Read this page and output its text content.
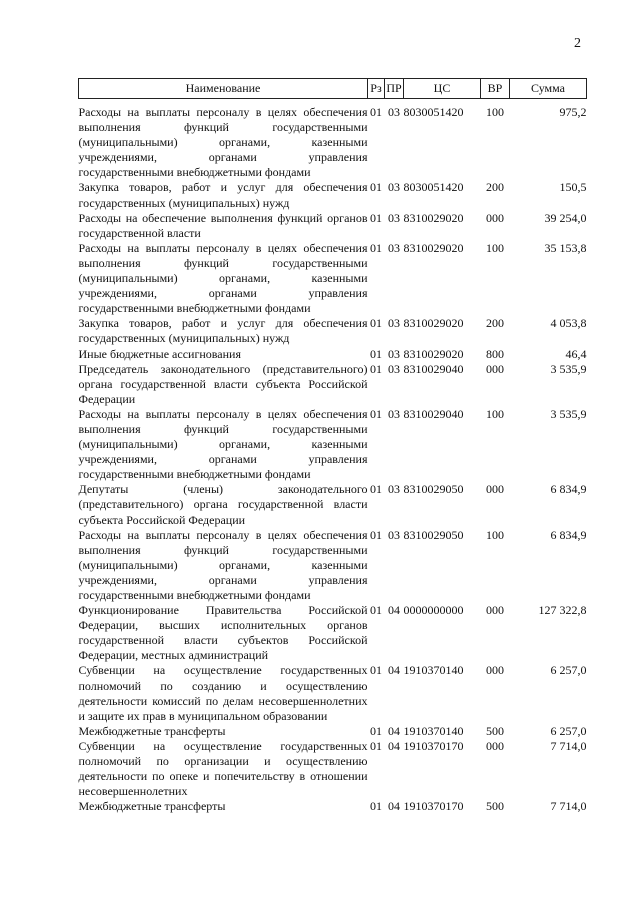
2
Наименование	Рз	ПР	ЦС	ВР	Сумма

Расходы на выплаты персоналу в целях обеспечения выполнения функций государственными (муниципальными) органами, казенными учреждениями, органами управления государственными внебюджетными фондами	01	03	8030051420	100	975,2
Закупка товаров, работ и услуг для обеспечения государственных (муниципальных) нужд	01	03	8030051420	200	150,5
Расходы на обеспечение выполнения функций органов государственной власти	01	03	8310029020	000	39 254,0
Расходы на выплаты персоналу в целях обеспечения выполнения функций государственными (муниципальными) органами, казенными учреждениями, органами управления государственными внебюджетными фондами	01	03	8310029020	100	35 153,8
Закупка товаров, работ и услуг для обеспечения государственных (муниципальных) нужд	01	03	8310029020	200	4 053,8
Иные бюджетные ассигнования	01	03	8310029020	800	46,4
Председатель законодательного (представительного) органа государственной власти субъекта Российской Федерации	01	03	8310029040	000	3 535,9
Расходы на выплаты персоналу в целях обеспечения выполнения функций государственными (муниципальными) органами, казенными учреждениями, органами управления государственными внебюджетными фондами	01	03	8310029040	100	3 535,9
Депутаты (члены) законодательного (представительного) органа государственной власти субъекта Российской Федерации	01	03	8310029050	000	6 834,9
Расходы на выплаты персоналу в целях обеспечения выполнения функций государственными (муниципальными) органами, казенными учреждениями, органами управления государственными внебюджетными фондами	01	03	8310029050	100	6 834,9
Функционирование Правительства Российской Федерации, высших исполнительных органов государственной власти субъектов Российской Федерации, местных администраций	01	04	0000000000	000	127 322,8
Субвенции на осуществление государственных полномочий по созданию и осуществлению деятельности комиссий по делам несовершеннолетних и защите их прав в муниципальном образовании	01	04	1910370140	000	6 257,0
Межбюджетные трансферты	01	04	1910370140	500	6 257,0
Субвенции на осуществление государственных полномочий по организации и осуществлению деятельности по опеке и попечительству в отношении несовершеннолетних	01	04	1910370170	000	7 714,0
Межбюджетные трансферты	01	04	1910370170	500	7 714,0
